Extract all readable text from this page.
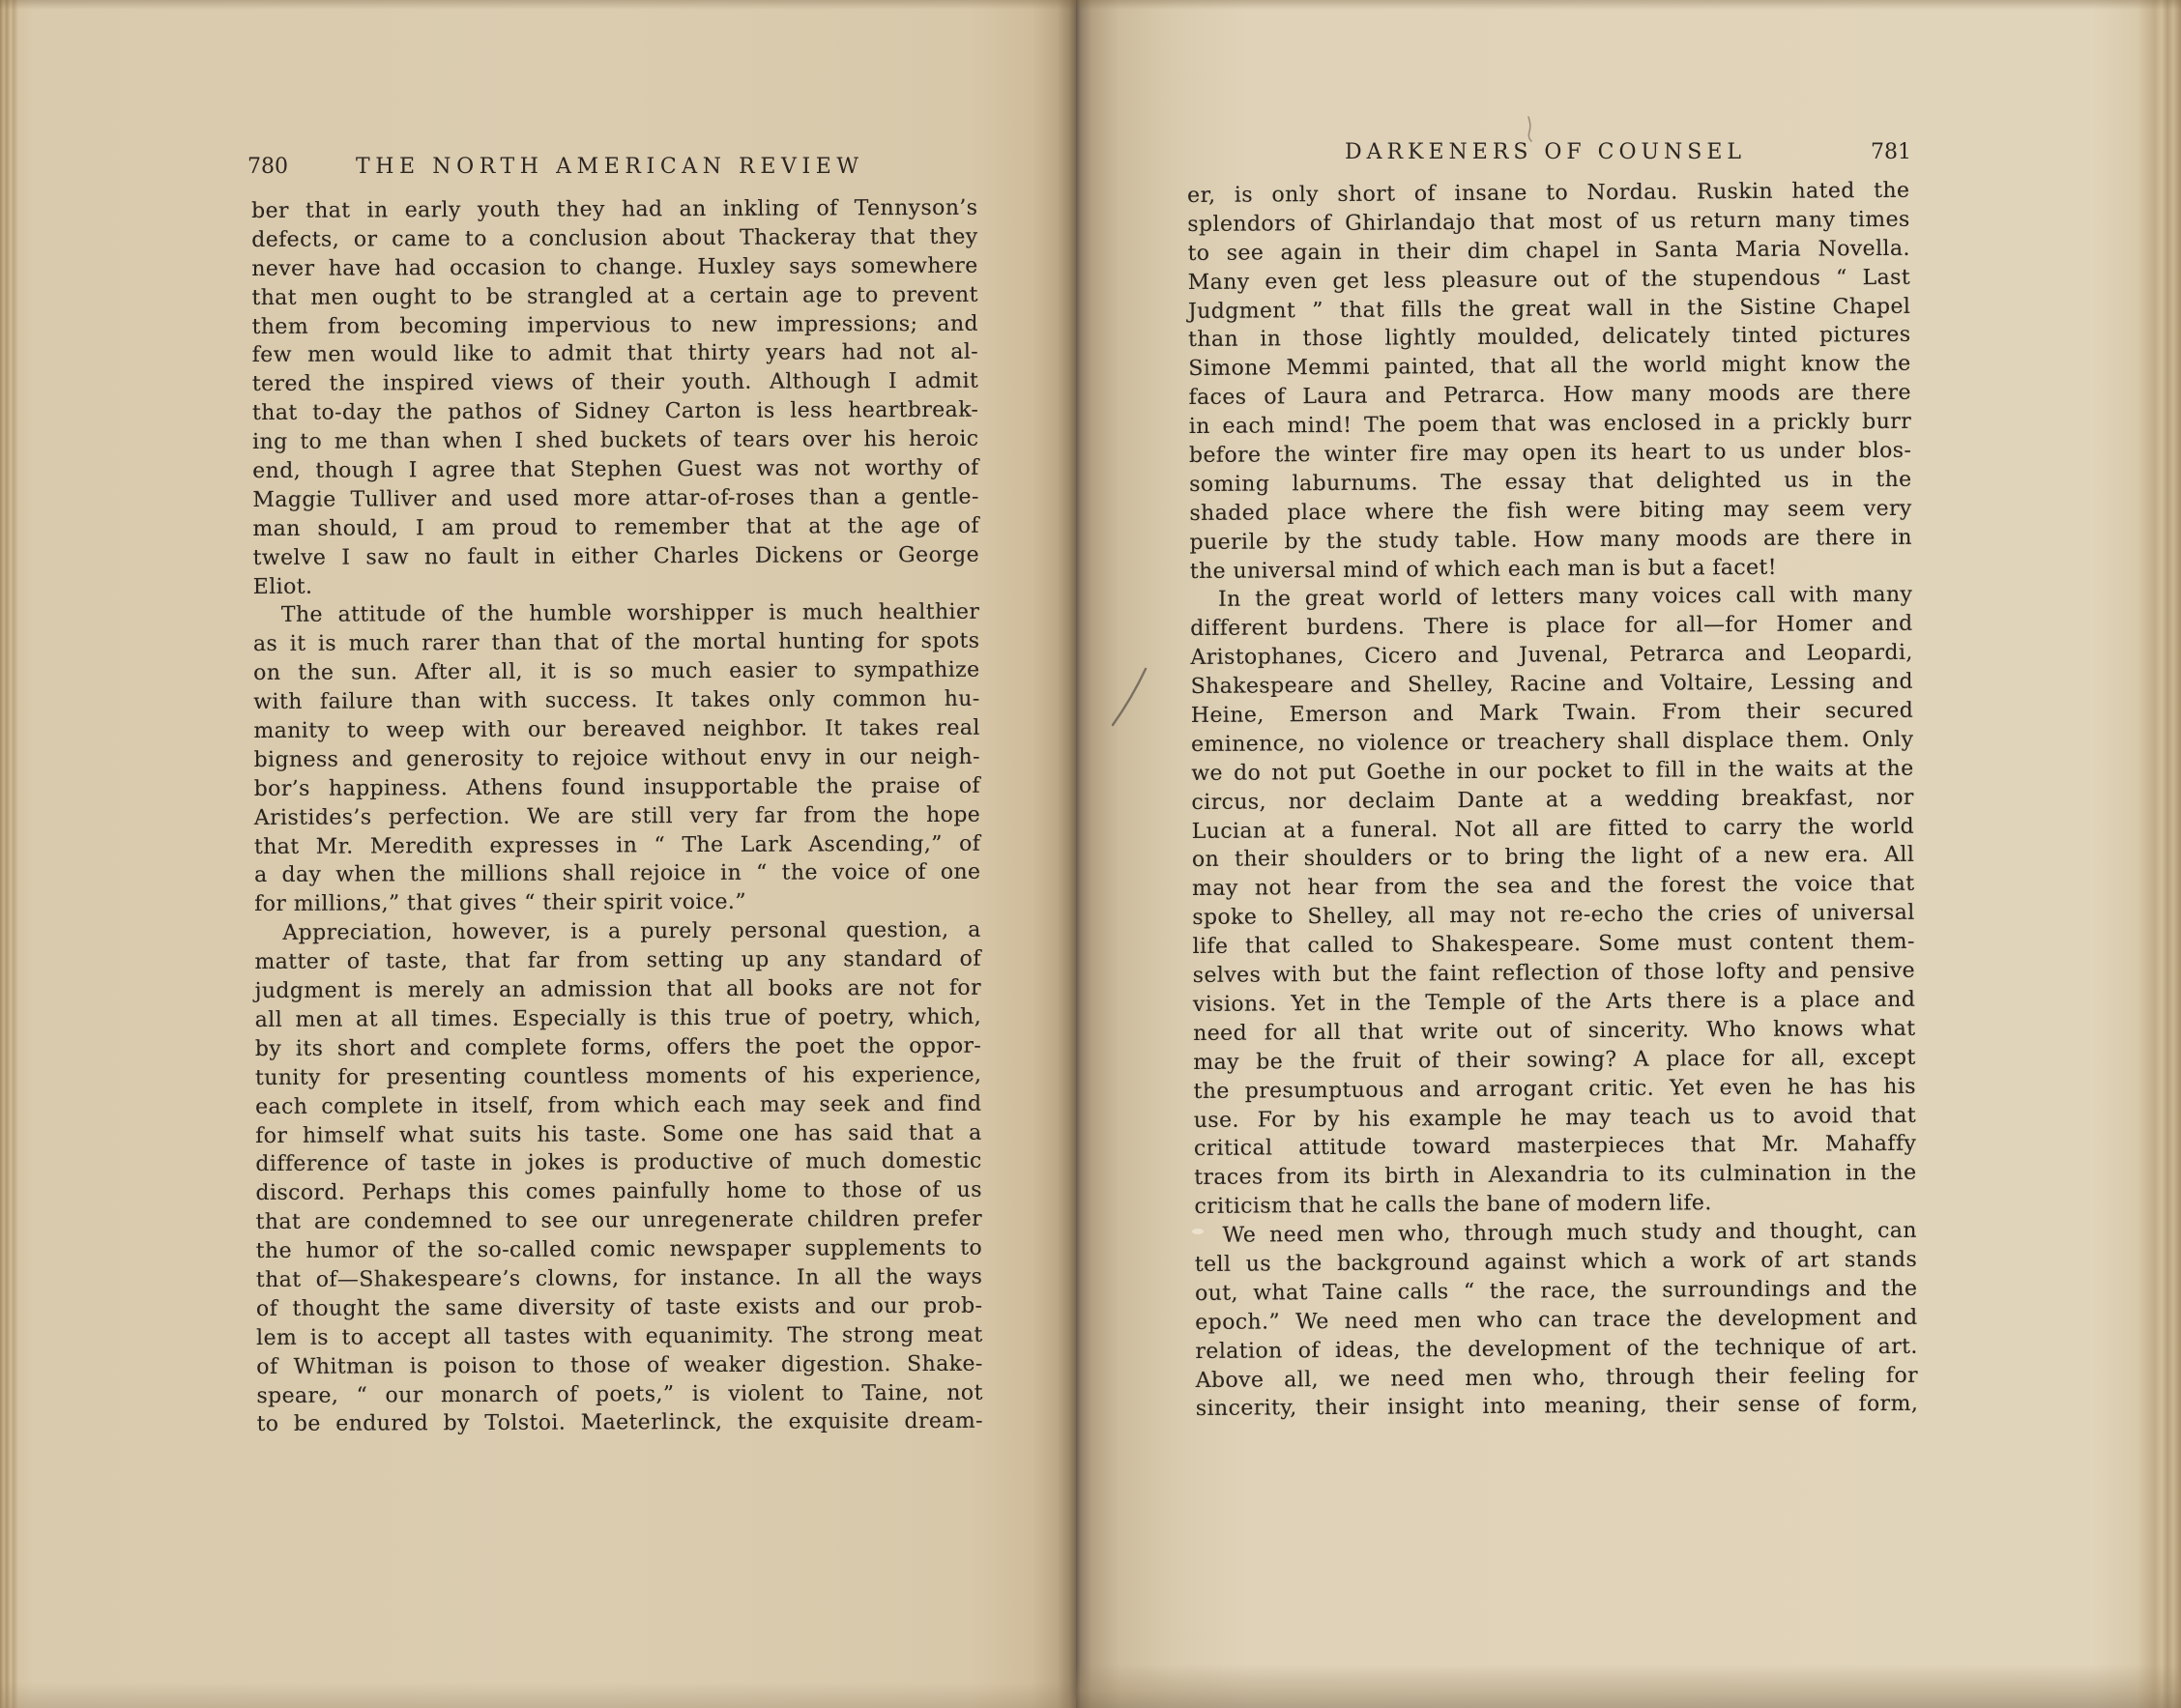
780	THE NORTH AMERICAN REVIEW
DARKENERS OF COUNSEL	781
ber that in early youth they had an inkling of Tennyson’s
defects, or came to a conclusion about Thackeray that they
never have had occasion to change. Huxley says somewhere
that men ought to be strangled at a certain age to prevent
them from becoming impervious to new impressions; and
few men would like to admit that thirty years had not al-
tered the inspired views of their youth. Although I admit
that to-day the pathos of Sidney Carton is less heartbreak-
ing to me than when I shed buckets of tears over his heroic
end, though I agree that Stephen Guest was not worthy of
Maggie Tulliver and used more attar-of-roses than a gentle-
man should, I am proud to remember that at the age of
twelve I saw no fault in either Charles Dickens or George
Eliot.
The attitude of the humble worshipper is much healthier
as it is much rarer than that of the mortal hunting for spots
on the sun. After all, it is so much easier to sympathize
with failure than with success. It takes only common hu-
manity to weep with our bereaved neighbor. It takes real
bigness and generosity to rejoice without envy in our neigh-
bor’s happiness. Athens found insupportable the praise of
Aristides’s perfection. We are still very far from the hope
that Mr. Meredith expresses in “ The Lark Ascending,” of
a day when the millions shall rejoice in “ the voice of one
for millions,” that gives “ their spirit voice.”
Appreciation, however, is a purely personal question, a
matter of taste, that far from setting up any standard of
judgment is merely an admission that all books are not for
all men at all times. Especially is this true of poetry, which,
by its short and complete forms, offers the poet the oppor-
tunity for presenting countless moments of his experience,
each complete in itself, from which each may seek and find
for himself what suits his taste. Some one has said that a
difference of taste in jokes is productive of much domestic
discord. Perhaps this comes painfully home to those of us
that are condemned to see our unregenerate children prefer
the humor of the so-called comic newspaper supplements to
that of—Shakespeare’s clowns, for instance. In all the ways
of thought the same diversity of taste exists and our prob-
lem is to accept all tastes with equanimity. The strong meat
of Whitman is poison to those of weaker digestion. Shake-
speare, “ our monarch of poets,” is violent to Taine, not
to be endured by Tolstoi. Maeterlinck, the exquisite dream-
er, is only short of insane to Nordau. Ruskin hated the
splendors of Ghirlandajo that most of us return many times
to see again in their dim chapel in Santa Maria Novella.
Many even get less pleasure out of the stupendous “ Last
Judgment ” that fills the great wall in the Sistine Chapel
than in those lightly moulded, delicately tinted pictures
Simone Memmi painted, that all the world might know the
faces of Laura and Petrarca. How many moods are there
in each mind! The poem that was enclosed in a prickly burr
before the winter fire may open its heart to us under blos-
soming laburnums. The essay that delighted us in the
shaded place where the fish were biting may seem very
puerile by the study table. How many moods are there in
the universal mind of which each man is but a facet!
In the great world of letters many voices call with many
different burdens. There is place for all—for Homer and
Aristophanes, Cicero and Juvenal, Petrarca and Leopardi,
Shakespeare and Shelley, Racine and Voltaire, Lessing and
Heine, Emerson and Mark Twain. From their secured
eminence, no violence or treachery shall displace them. Only
we do not put Goethe in our pocket to fill in the waits at the
circus, nor declaim Dante at a wedding breakfast, nor
Lucian at a funeral. Not all are fitted to carry the world
on their shoulders or to bring the light of a new era. All
may not hear from the sea and the forest the voice that
spoke to Shelley, all may not re-echo the cries of universal
life that called to Shakespeare. Some must content them-
selves with but the faint reflection of those lofty and pensive
visions. Yet in the Temple of the Arts there is a place and
need for all that write out of sincerity. Who knows what
may be the fruit of their sowing? A place for all, except
the presumptuous and arrogant critic. Yet even he has his
use. For by his example he may teach us to avoid that
critical attitude toward masterpieces that Mr. Mahaffy
traces from its birth in Alexandria to its culmination in the
criticism that he calls the bane of modern life.
We need men who, through much study and thought, can
tell us the background against which a work of art stands
out, what Taine calls “ the race, the surroundings and the
epoch.” We need men who can trace the development and
relation of ideas, the development of the technique of art.
Above all, we need men who, through their feeling for
sincerity, their insight into meaning, their sense of form,
